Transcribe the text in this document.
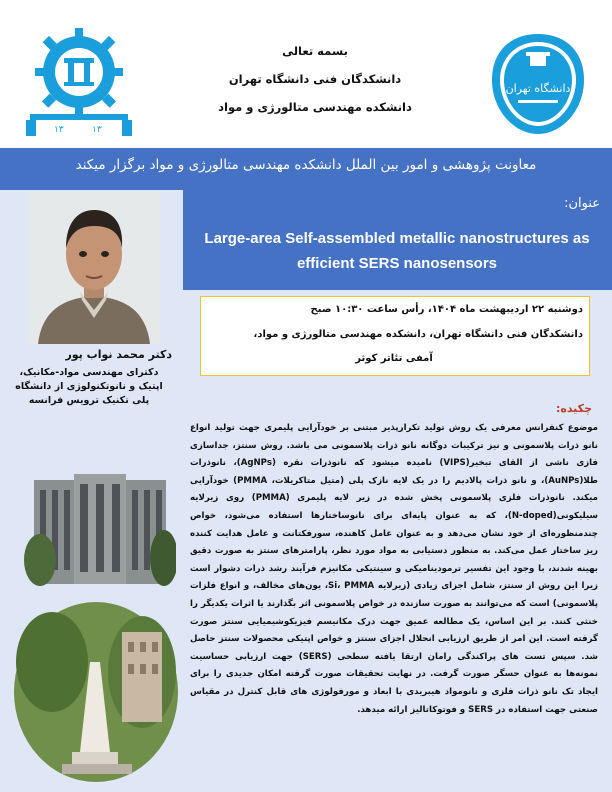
۱۳	۱۳
بسمه تعالی
دانشکدگان فنی دانشگاه تهران
دانشکده مهندسی متالورژی و مواد
دانشگاه تهران
معاونت پژوهشی و امور بین الملل دانشکده مهندسی متالورژی و مواد برگزار میکند
دکتر محمد نواب پور
دکترای مهندسی مواد-مکانیک، اپتیک و نانوتکنولوژی از دانشگاه پلی تکنیک ترویس فرانسه
عنوان:
Large-area Self-assembled metallic nanostructures as
efficient SERS nanosensors
دوشنبه ۲۲ اردیبهشت ماه ۱۴۰۴، رأس ساعت ۱۰:۳۰ صبح
دانشکدگان فنی دانشگاه تهران، دانشکده مهندسی متالورژی و مواد،
آمفی تئاتر کوثر
چکیده:
موضوع کنفرانس معرفی یک روش تولید تکرارپذیر مبتنی بر خودآرایی پلیمری جهت تولید انواع نانو ذرات پلاسمونی و نیز ترکیبات دوگانه نانو ذرات پلاسمونی می باشد. روش سنتز، جداسازی فازی ناشی از القای تبخیر(VIPS) نامیده میشود که نانوذرات نقره (AgNPs)، نانوذرات طلا(AuNPs)، و نانو ذرات پالادیم را در یک لایه نازک پلی (متیل متاکریلات، PMMA) خودآرایی میکند. نانوذرات فلزی پلاسمونی پخش شده در زیر لایه پلیمری (PMMA) روی زیرلایه سیلیکونی(N-doped)، که به عنوان پایه‌ای برای نانوساختارها استفاده می‌شود، خواص چندمنظوره‌ای از خود نشان می‌دهد و به عنوان عامل کاهنده، سورفکتانت و عامل هدایت کننده ریز ساختار عمل می‌کند. به منظور دستیابی به مواد مورد نظر، پارامترهای سنتز به صورت دقیق بهینه شدند، با وجود این تفسیر ترمودینامیکی و سینتیکی مکانیزم فرآیند رشد ذرات دشوار است زیرا این روش از سنتز، شامل اجزای زیادی (زیرلایه Si، PMMA، یون‌های مخالف، و انواع فلزات پلاسمونی) است که می‌توانند به صورت سازنده در خواص پلاسمونی اثر بگذارند یا اثرات یکدیگر را خنثی کنند. بر این اساس، یک مطالعه عمیق جهت درک مکانیسم فیزیکوشیمیایی سنتز صورت گرفته است. این امر از طریق ارزیابی انحلال اجزای سنتز و خواص اپتیکی محصولات سنتز حاصل شد. سپس تست های پراکندگی رامان ارتقا یافته سطحی (SERS) جهت ارزیابی حساسیت نمونه‌ها به عنوان حسگر صورت گرفت. در نهایت تحقیقات صورت گرفته امکان جدیدی را برای ایجاد تک نانو ذرات فلزی و نانومواد هیبریدی با ابعاد و مورفولوژی های قابل کنترل در مقیاس صنعتی جهت استفاده در SERS و فوتوکاتالیز ارائه میدهد.
